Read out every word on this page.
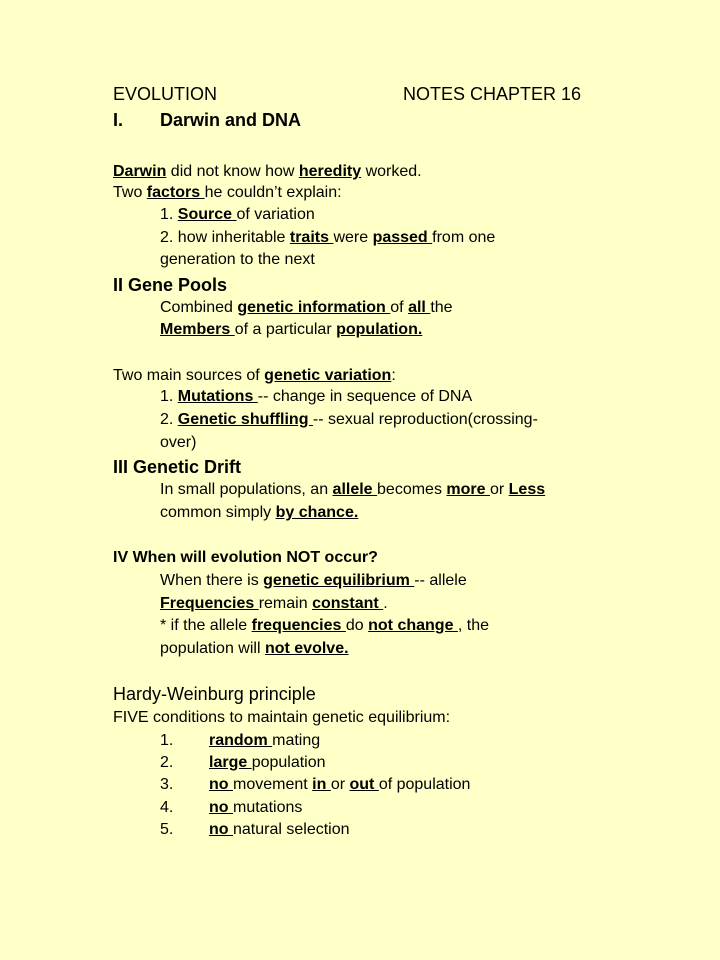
EVOLUTION	NOTES CHAPTER 16
I. Darwin and DNA
Darwin did not know how heredity worked.
Two factors he couldn’t explain:
1. Source of variation
2. how inheritable traits were passed from one
generation to the next
II Gene Pools
Combined genetic information of all the
Members of a particular population.
Two main sources of genetic variation:
1. Mutations -- change in sequence of DNA
2. Genetic shuffling -- sexual reproduction(crossing-
over)
III Genetic Drift
In small populations, an allele becomes more or Less
common simply by chance.
IV When will evolution NOT occur?
When there is genetic equilibrium -- allele
Frequencies remain constant .
* if the allele frequencies do not change , the
population will not evolve.
Hardy-Weinburg principle
FIVE conditions to maintain genetic equilibrium:
1. random mating
2. large population
3. no movement in or out of population
4. no mutations
5. no natural selection
